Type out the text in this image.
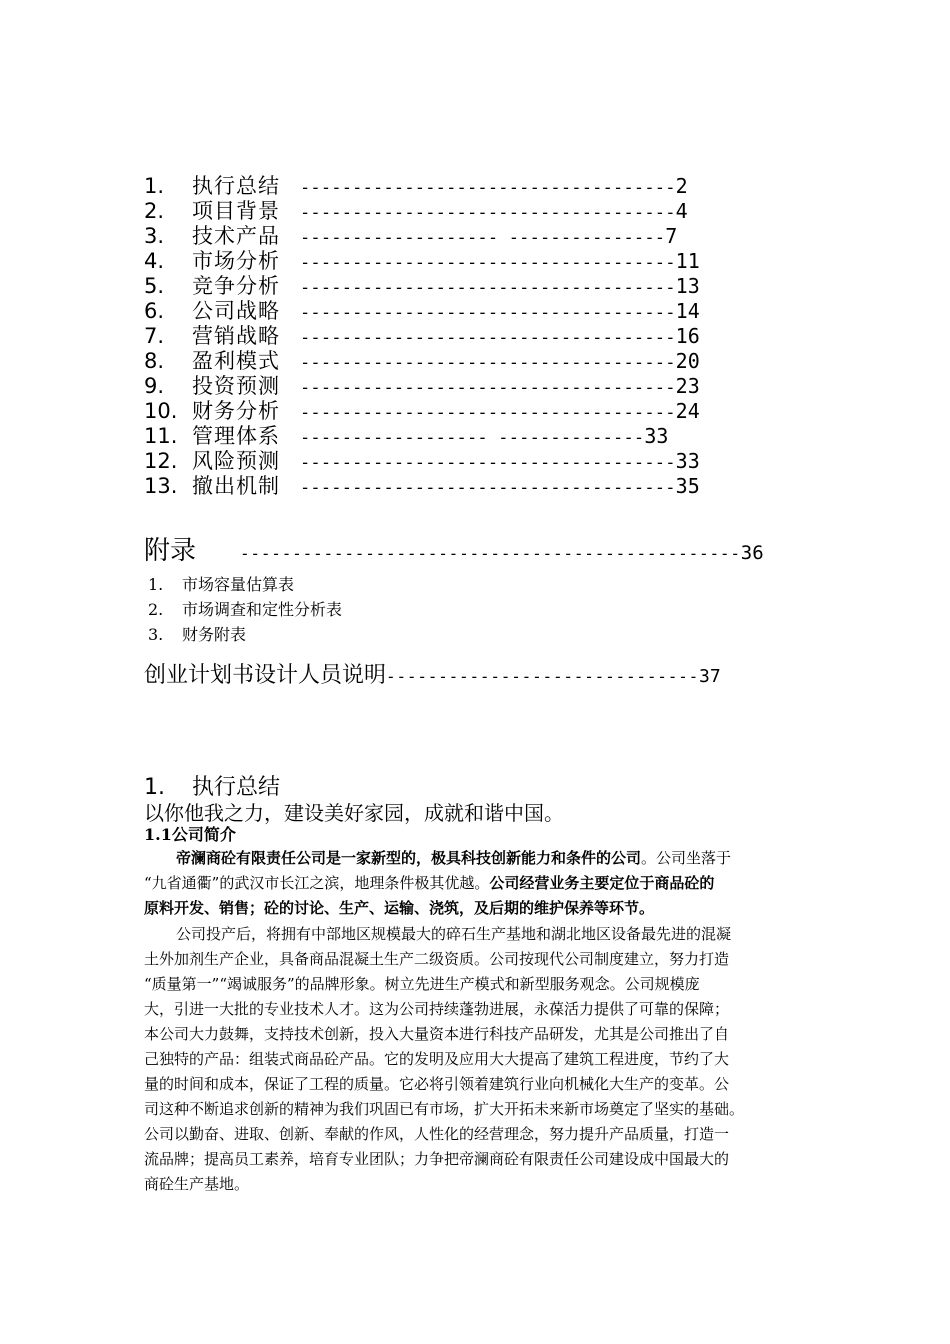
1.	执行总结	------------------------------------ 2
2.	项目背景	------------------------------------ 4
3.	技术产品	------------------- --------------- 7
4.	市场分析	------------------------------------ 11
5.	竞争分析	------------------------------------ 13
6.	公司战略	------------------------------------ 14
7.	营销战略	------------------------------------ 16
8.	盈利模式	------------------------------------ 20
9.	投资预测	------------------------------------ 23
10. 财务分析	------------------------------------ 24
11. 管理体系	------------------ -------------- 33
12. 风险预测	------------------------------------ 33
13. 撤出机制	------------------------------------ 35
附录	------------------------------------------------ 36
1. 市场容量估算表
2. 市场调查和定性分析表
3. 财务附表
创业计划书设计人员说明 ------------------------------ 37
1. 执行总结
以你他我之力，建设美好家园，成就和谐中国。
1.1公司简介
帝澜商砼有限责任公司是一家新型的，极具科技创新能力和条件的公司。公司坐落于
“九省通衢”的武汉市长江之滨，地理条件极其优越。公司经营业务主要定位于商品砼的
原料开发、销售；砼的讨论、生产、运输、浇筑，及后期的维护保养等环节。
公司投产后，将拥有中部地区规模最大的碎石生产基地和湖北地区设备最先进的混凝
土外加剂生产企业，具备商品混凝土生产二级资质。公司按现代公司制度建立，努力打造
“质量第一”“竭诚服务”的品牌形象。树立先进生产模式和新型服务观念。公司规模庞
大，引进一大批的专业技术人才。这为公司持续蓬勃进展，永葆活力提供了可靠的保障；
本公司大力鼓舞，支持技术创新，投入大量资本进行科技产品研发，尤其是公司推出了自
己独特的产品：组装式商品砼产品。它的发明及应用大大提高了建筑工程进度，节约了大
量的时间和成本，保证了工程的质量。它必将引领着建筑行业向机械化大生产的变革。公
司这种不断追求创新的精神为我们巩固已有市场，扩大开拓未来新市场奠定了坚实的基础。
公司以勤奋、进取、创新、奉献的作风，人性化的经营理念，努力提升产品质量，打造一
流品牌；提高员工素养，培育专业团队；力争把帝澜商砼有限责任公司建设成中国最大的
商砼生产基地。
